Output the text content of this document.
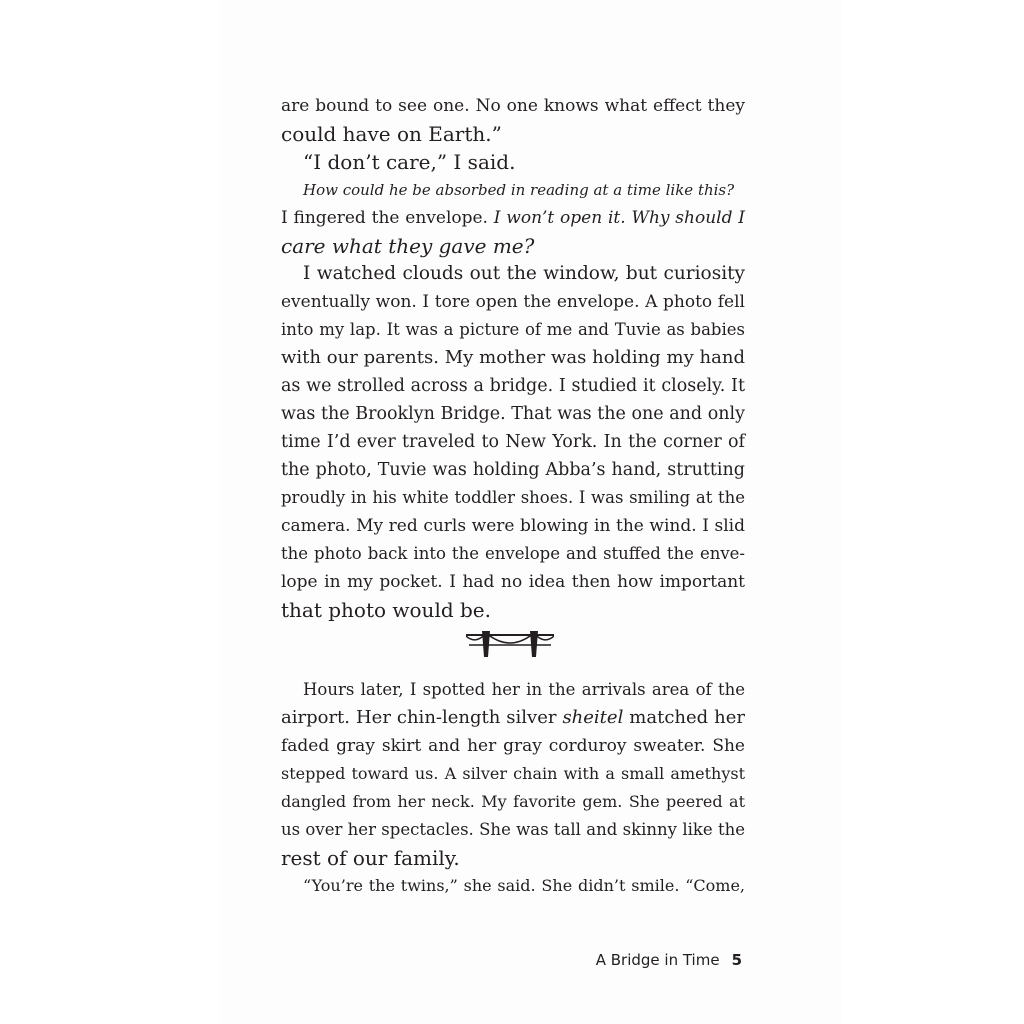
are bound to see one. No one knows what effect they
could have on Earth.”
“I don’t care,” I said.
How could he be absorbed in reading at a time like this?
I fingered the envelope. I won’t open it. Why should I
care what they gave me?
I watched clouds out the window, but curiosity
eventually won. I tore open the envelope. A photo fell
into my lap. It was a picture of me and Tuvie as babies
with our parents. My mother was holding my hand
as we strolled across a bridge. I studied it closely. It
was the Brooklyn Bridge. That was the one and only
time I’d ever traveled to New York. In the corner of
the photo, Tuvie was holding Abba’s hand, strutting
proudly in his white toddler shoes. I was smiling at the
camera. My red curls were blowing in the wind. I slid
the photo back into the envelope and stuffed the enve-
lope in my pocket. I had no idea then how important
that photo would be.
Hours later, I spotted her in the arrivals area of the
airport. Her chin-length silver sheitel matched her
faded gray skirt and her gray corduroy sweater. She
stepped toward us. A silver chain with a small amethyst
dangled from her neck. My favorite gem. She peered at
us over her spectacles. She was tall and skinny like the
rest of our family.
“You’re the twins,” she said. She didn’t smile. “Come,
A Bridge in Time 5
